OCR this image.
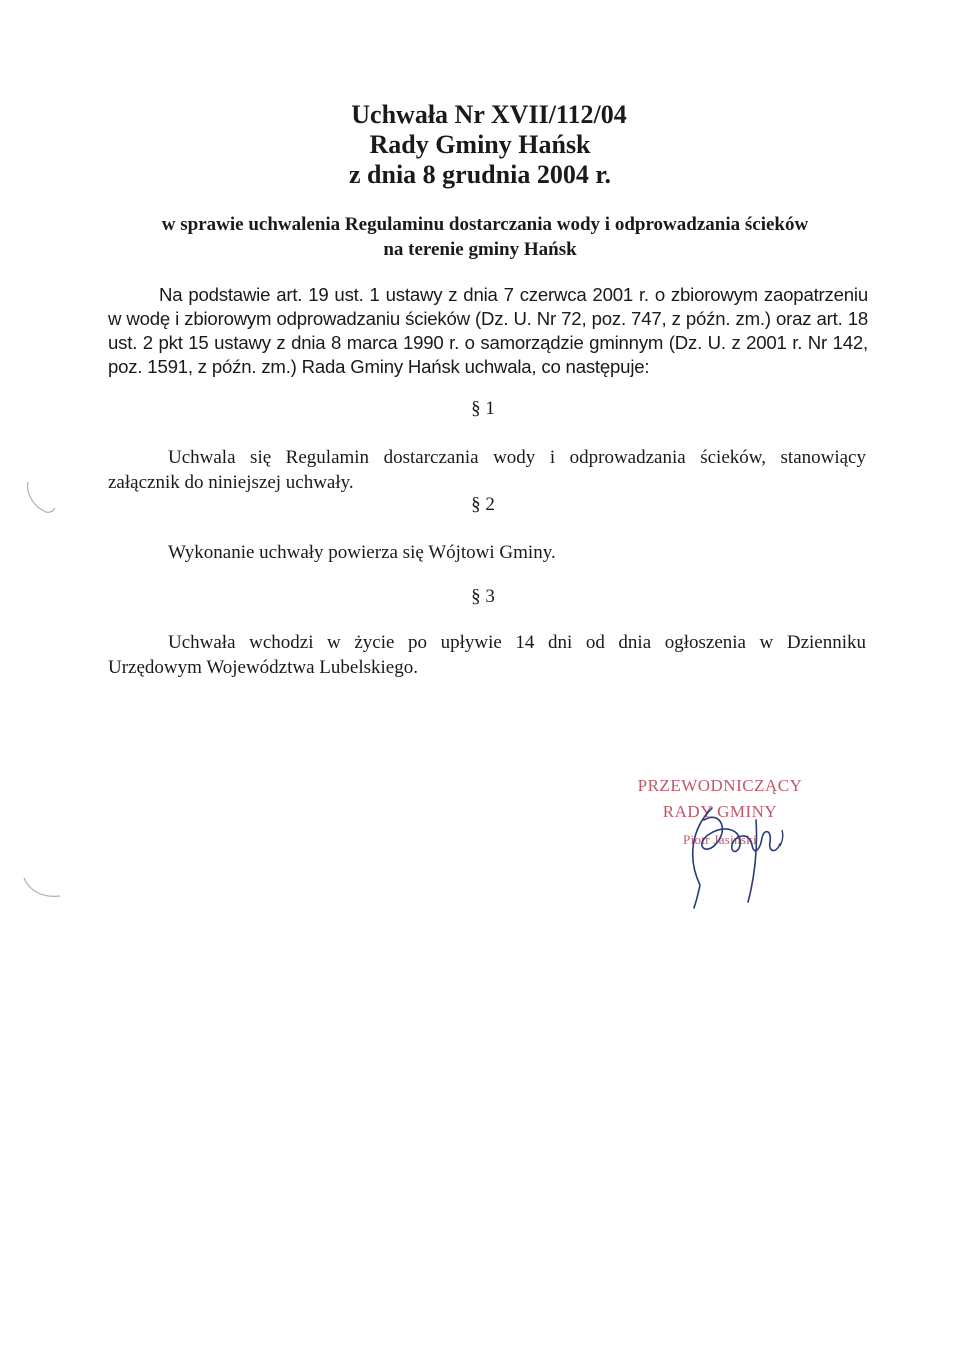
Uchwała Nr XVII/112/04
Rady Gminy Hańsk
z dnia 8 grudnia 2004 r.
w sprawie uchwalenia Regulaminu dostarczania wody i odprowadzania ścieków
na terenie gminy Hańsk
Na podstawie art. 19 ust. 1 ustawy z dnia 7 czerwca 2001 r. o zbiorowym zaopatrzeniu w wodę i zbiorowym odprowadzaniu ścieków (Dz. U. Nr 72, poz. 747, z późn. zm.) oraz art. 18 ust. 2 pkt 15 ustawy z dnia 8 marca 1990 r. o samorządzie gminnym (Dz. U. z 2001 r. Nr 142, poz. 1591, z późn. zm.) Rada Gminy Hańsk uchwala, co następuje:
§ 1
Uchwala się Regulamin dostarczania wody i odprowadzania ścieków, stanowiący
załącznik do niniejszej uchwały.
§ 2
Wykonanie uchwały powierza się Wójtowi Gminy.
§ 3
Uchwała wchodzi w życie po upływie 14 dni od dnia ogłoszenia w Dzienniku
Urzędowym Województwa Lubelskiego.
PRZEWODNICZĄCY
RADY GMINY
Piotr Jasiński
